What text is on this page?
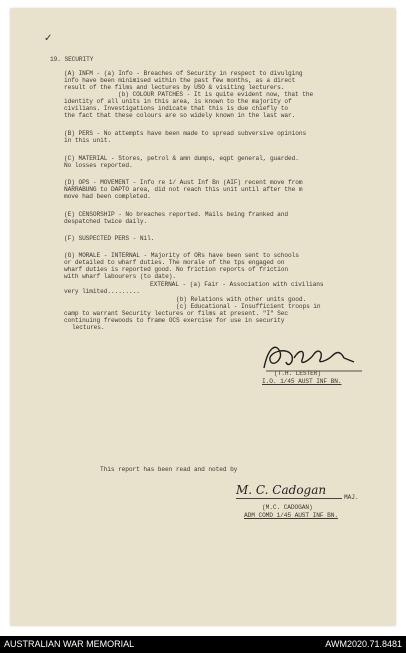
✓
19. SECURITY
(A) INFM - (a) Info - Breaches of Security in respect to divulging
info have been minimised within the past few months, as a direct
result of the films and lectures by USO & visiting lecturers.
(b) COLOUR PATCHES - It is quite evident now, that the
identity of all units in this area, is known to the majority of
civilians. Investigations indicate that this is due chiefly to
the fact that these colours are so widely known in the last war.
(B) PERS - No attempts have been made to spread subversive opinions
in this unit.
(C) MATERIAL - Stores, petrol & amn dumps, eqpt general, guarded.
No losses reported.
(D) OPS - MOVEMENT - Info re 1/ Aust Inf Bn (AIF) recent move from
NARRABUNG to DAPTO area, did not reach this unit until after the m
move had been completed.
(E) CENSORSHIP - No breaches reported. Mails being franked and
despatched twice daily.
(F) SUSPECTED PERS - Nil.
(G) MORALE - INTERNAL - Majority of ORs have been sent to schools
or detailed to wharf duties. The morale of the tps engaged on
wharf duties is reported good. No friction reports of friction
with wharf labourers (to date).
EXTERNAL - (a) Fair - Association with civilians
very limited.........
(b) Relations with other units good.
(c) Educational - Insufficient troops in
camp to warrant Security lectures or films at present. "I" Sec
continuing frewoods to frame OCS exercise for use in security
lectures.
(T.H. LESTER)
I.O. 1/45 AUST INF BN.
This report has been read and noted by
M. C. Cadogan
MAJ.
(M.C. CADOGAN)
ADM COMD 1/45 AUST INF BN.
AUSTRALIAN WAR MEMORIAL	AWM2020.71.8481
